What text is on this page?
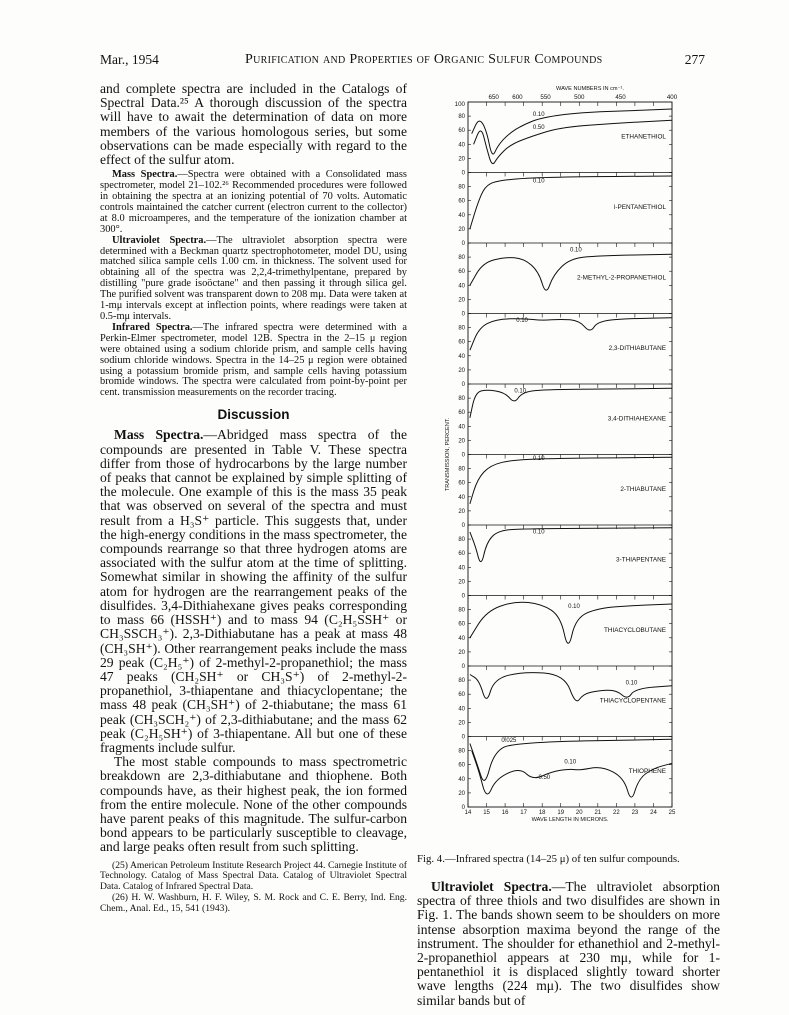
Mar., 1954	Purification and Properties of Organic Sulfur Compounds	277

and complete spectra are included in the Catalogs of Spectral Data.²⁵ A thorough discussion of the spectra will have to await the determination of data on more members of the various homologous series, but some observations can be made especially with regard to the effect of the sulfur atom.

Mass Spectra.—Spectra were obtained with a Consolidated mass spectrometer, model 21–102.²⁶ Recommended procedures were followed in obtaining the spectra at an ionizing potential of 70 volts. Automatic controls maintained the catcher current (electron current to the collector) at 8.0 microamperes, and the temperature of the ionization chamber at 300°.

Ultraviolet Spectra.—The ultraviolet absorption spectra were determined with a Beckman quartz spectrophotometer, model DU, using matched silica sample cells 1.00 cm. in thickness. The solvent used for obtaining all of the spectra was 2,2,4-trimethylpentane, prepared by distilling "pure grade isoöctane" and then passing it through silica gel. The purified solvent was transparent down to 208 mμ. Data were taken at 1-mμ intervals except at inflection points, where readings were taken at 0.5-mμ intervals.

Infrared Spectra.—The infrared spectra were determined with a Perkin-Elmer spectrometer, model 12B. Spectra in the 2–15 μ region were obtained using a sodium chloride prism, and sample cells having sodium chloride windows. Spectra in the 14–25 μ region were obtained using a potassium bromide prism, and sample cells having potassium bromide windows. The spectra were calculated from point-by-point per cent. transmission measurements on the recorder tracing.

Discussion

Mass Spectra.—Abridged mass spectra of the compounds are presented in Table V. These spectra differ from those of hydrocarbons by the large number of peaks that cannot be explained by simple splitting of the molecule. One example of this is the mass 35 peak that was observed on several of the spectra and must result from a H₃S⁺ particle. This suggests that, under the high-energy conditions in the mass spectrometer, the compounds rearrange so that three hydrogen atoms are associated with the sulfur atom at the time of splitting. Somewhat similar in showing the affinity of the sulfur atom for hydrogen are the rearrangement peaks of the disulfides. 3,4-Dithiahexane gives peaks corresponding to mass 66 (HSSH⁺) and to mass 94 (C₂H₅SSH⁺ or CH₃SSCH₃⁺). 2,3-Dithiabutane has a peak at mass 48 (CH₃SH⁺). Other rearrangement peaks include the mass 29 peak (C₂H₅⁺) of 2-methyl-2-propanethiol; the mass 47 peaks (CH₂SH⁺ or CH₃S⁺) of 2-methyl-2-propanethiol, 3-thiapentane and thiacyclopentane; the mass 48 peak (CH₃SH⁺) of 2-thiabutane; the mass 61 peak (CH₃SCH₂⁺) of 2,3-dithiabutane; and the mass 62 peak (C₂H₅SH⁺) of 3-thiapentane. All but one of these fragments include sulfur.

The most stable compounds to mass spectrometric breakdown are 2,3-dithiabutane and thiophene. Both compounds have, as their highest peak, the ion formed from the entire molecule. None of the other compounds have parent peaks of this magnitude. The sulfur-carbon bond appears to be particularly susceptible to cleavage, and large peaks often result from such splitting.

(25) American Petroleum Institute Research Project 44. Carnegie Institute of Technology. Catalog of Mass Spectral Data. Catalog of Ultraviolet Spectral Data. Catalog of Infrared Spectral Data.

(26) H. W. Washburn, H. F. Wiley, S. M. Rock and C. E. Berry, Ind. Eng. Chem., Anal. Ed., 15, 541 (1943).

WAVE NUMBERS IN cm⁻¹.
650 600	550	500	450	400
100
TRANSMISSION, PERCENT.
0
20
40
60
80	0.10
0.50
ETHANETHIOL
0
20
40
60
80
0.10
l-PENTANETHIOL
0
20
40
60
80
0.10
2-METHYL-2-PROPANETHIOL
0
20
40
60
80
0.10
2,3-DITHIABUTANE
0
20
40
60
80
0.10
3,4-DITHIAHEXANE
0
20
40
60
80
0.10
2-THIABUTANE
0
20
40
60
80
0.10
3-THIAPENTANE
0
20
40
60
80
0.10
THIACYCLOBUTANE
0
20
40
60
80	0.10
THIACYCLOPENTANE
0
20
40
60
80
0.025
0.10
0.50
THIOPHENE
14 15 16 17 18 19 20 21 22 23 24 25
WAVE LENGTH IN MICRONS.
Fig. 4.—Infrared spectra (14–25 μ) of ten sulfur compounds.

Ultraviolet Spectra.—The ultraviolet absorption spectra of three thiols and two disulfides are shown in Fig. 1. The bands shown seem to be shoulders on more intense absorption maxima beyond the range of the instrument. The shoulder for ethanethiol and 2-methyl-2-propanethiol appears at 230 mμ, while for 1-pentanethiol it is displaced slightly toward shorter wave lengths (224 mμ). The two disulfides show similar bands but of
